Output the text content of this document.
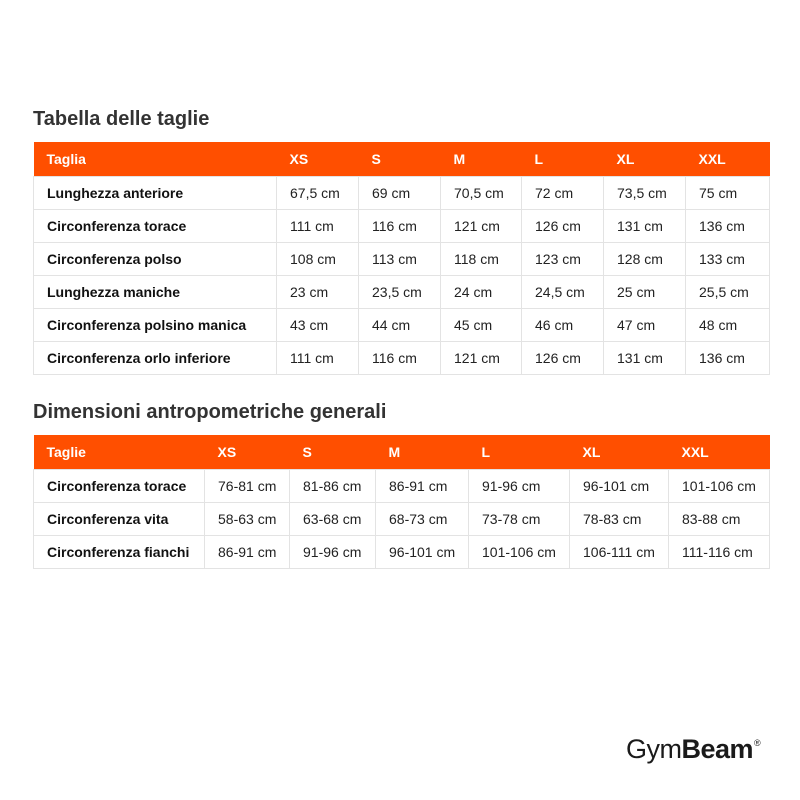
Tabella delle taglie
Taglia	XS	S	M	L	XL	XXL
Lunghezza anteriore	67,5 cm	69 cm	70,5 cm	72 cm	73,5 cm	75 cm
Circonferenza torace	111 cm	116 cm	121 cm	126 cm	131 cm	136 cm
Circonferenza polso	108 cm	113 cm	118 cm	123 cm	128 cm	133 cm
Lunghezza maniche	23 cm	23,5 cm	24 cm	24,5 cm	25 cm	25,5 cm
Circonferenza polsino manica	43 cm	44 cm	45 cm	46 cm	47 cm	48 cm
Circonferenza orlo inferiore	111 cm	116 cm	121 cm	126 cm	131 cm	136 cm
Dimensioni antropometriche generali
Taglie	XS	S	M	L	XL	XXL
Circonferenza torace	76-81 cm	81-86 cm	86-91 cm	91-96 cm	96-101 cm	101-106 cm
Circonferenza vita	58-63 cm	63-68 cm	68-73 cm	73-78 cm	78-83 cm	83-88 cm
Circonferenza fianchi	86-91 cm	91-96 cm	96-101 cm	101-106 cm	106-111 cm	111-116 cm
GymBeam®
